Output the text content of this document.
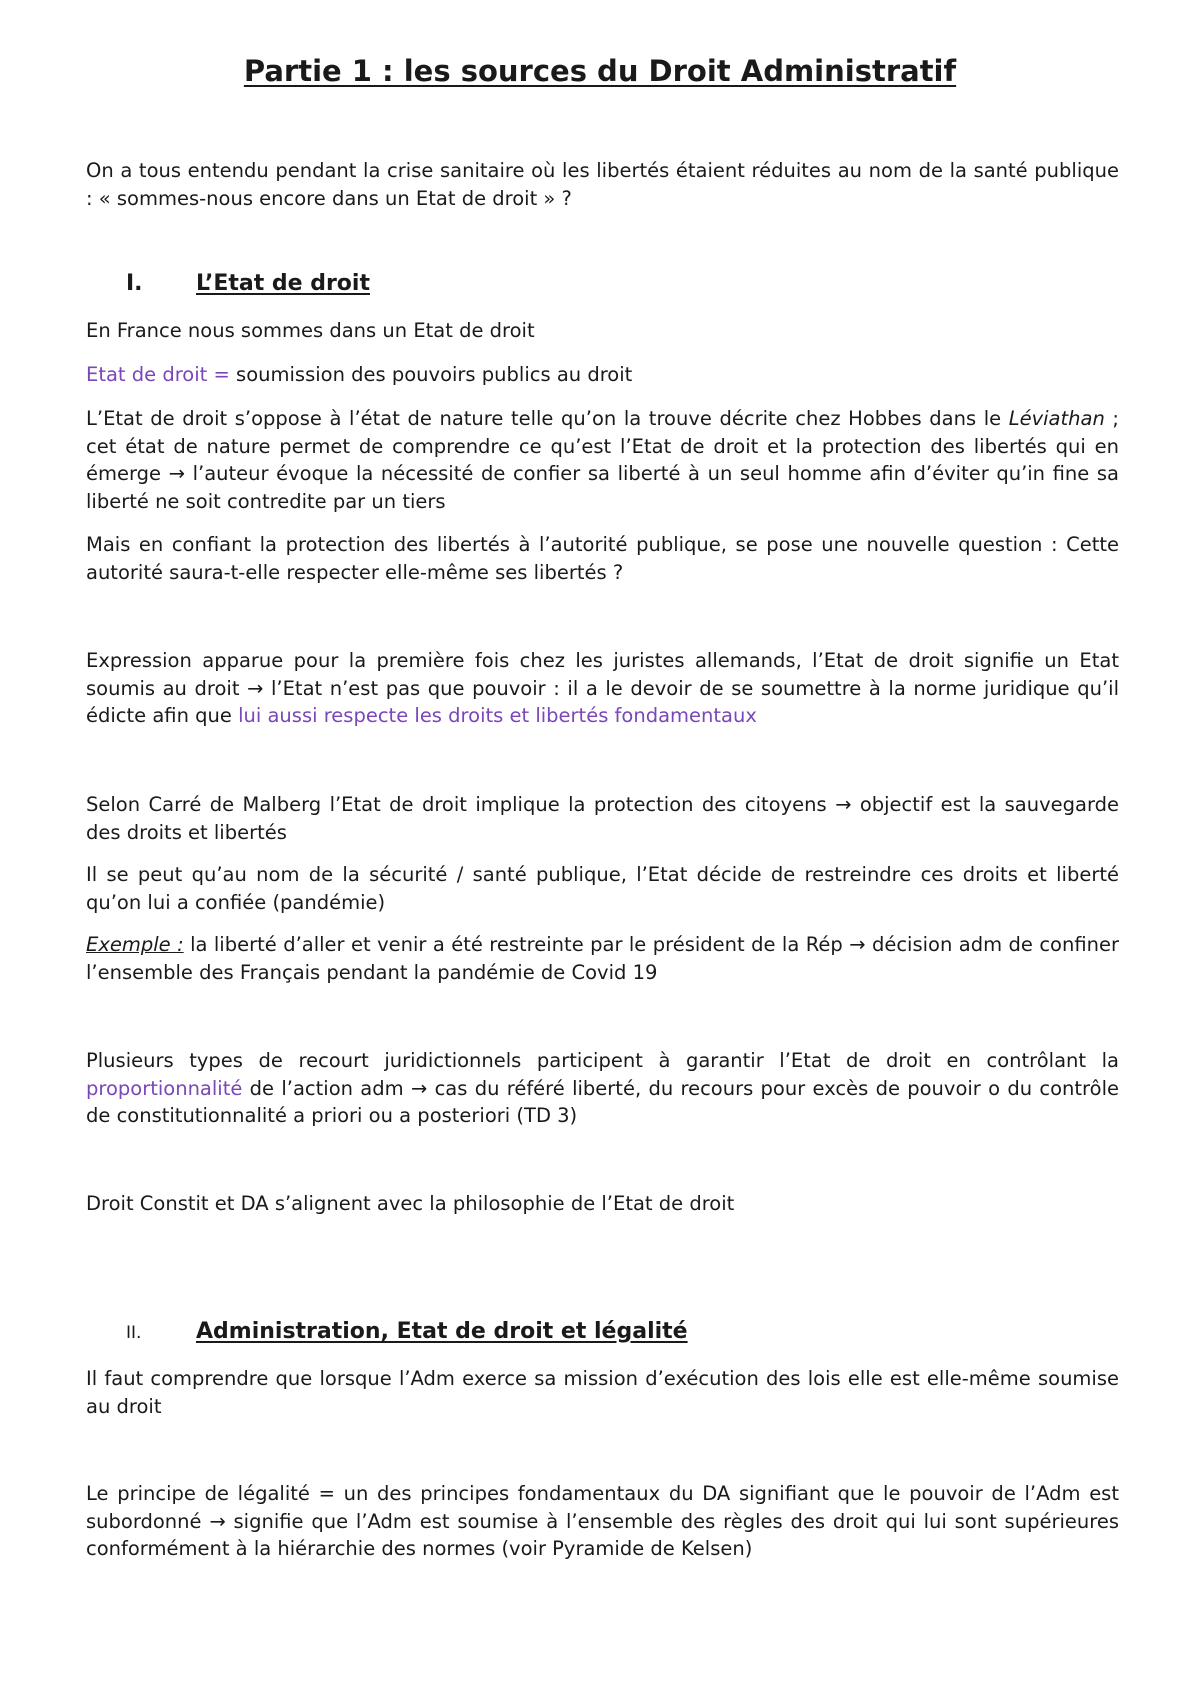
Partie 1 : les sources du Droit Administratif

On a tous entendu pendant la crise sanitaire où les libertés étaient réduites au nom de la santé publique : « sommes-nous encore dans un Etat de droit » ?

I. L’Etat de droit

En France nous sommes dans un Etat de droit

Etat de droit = soumission des pouvoirs publics au droit

L’Etat de droit s’oppose à l’état de nature telle qu’on la trouve décrite chez Hobbes dans le Léviathan ; cet état de nature permet de comprendre ce qu’est l’Etat de droit et la protection des libertés qui en émerge → l’auteur évoque la nécessité de confier sa liberté à un seul homme afin d’éviter qu’in fine sa liberté ne soit contredite par un tiers

Mais en confiant la protection des libertés à l’autorité publique, se pose une nouvelle question : Cette autorité saura-t-elle respecter elle-même ses libertés ?

Expression apparue pour la première fois chez les juristes allemands, l’Etat de droit signifie un Etat soumis au droit → l’Etat n’est pas que pouvoir : il a le devoir de se soumettre à la norme juridique qu’il édicte afin que lui aussi respecte les droits et libertés fondamentaux

Selon Carré de Malberg l’Etat de droit implique la protection des citoyens → objectif est la sauvegarde des droits et libertés

Il se peut qu’au nom de la sécurité / santé publique, l’Etat décide de restreindre ces droits et liberté qu’on lui a confiée (pandémie)

Exemple : la liberté d’aller et venir a été restreinte par le président de la Rép → décision adm de confiner l’ensemble des Français pendant la pandémie de Covid 19

Plusieurs types de recourt juridictionnels participent à garantir l’Etat de droit en contrôlant la proportionnalité de l’action adm → cas du référé liberté, du recours pour excès de pouvoir o du contrôle de constitutionnalité a priori ou a posteriori (TD 3)

Droit Constit et DA s’alignent avec la philosophie de l’Etat de droit

II. Administration, Etat de droit et légalité

Il faut comprendre que lorsque l’Adm exerce sa mission d’exécution des lois elle est elle-même soumise au droit

Le principe de légalité = un des principes fondamentaux du DA signifiant que le pouvoir de l’Adm est subordonné → signifie que l’Adm est soumise à l’ensemble des règles des droit qui lui sont supérieures conformément à la hiérarchie des normes (voir Pyramide de Kelsen)
